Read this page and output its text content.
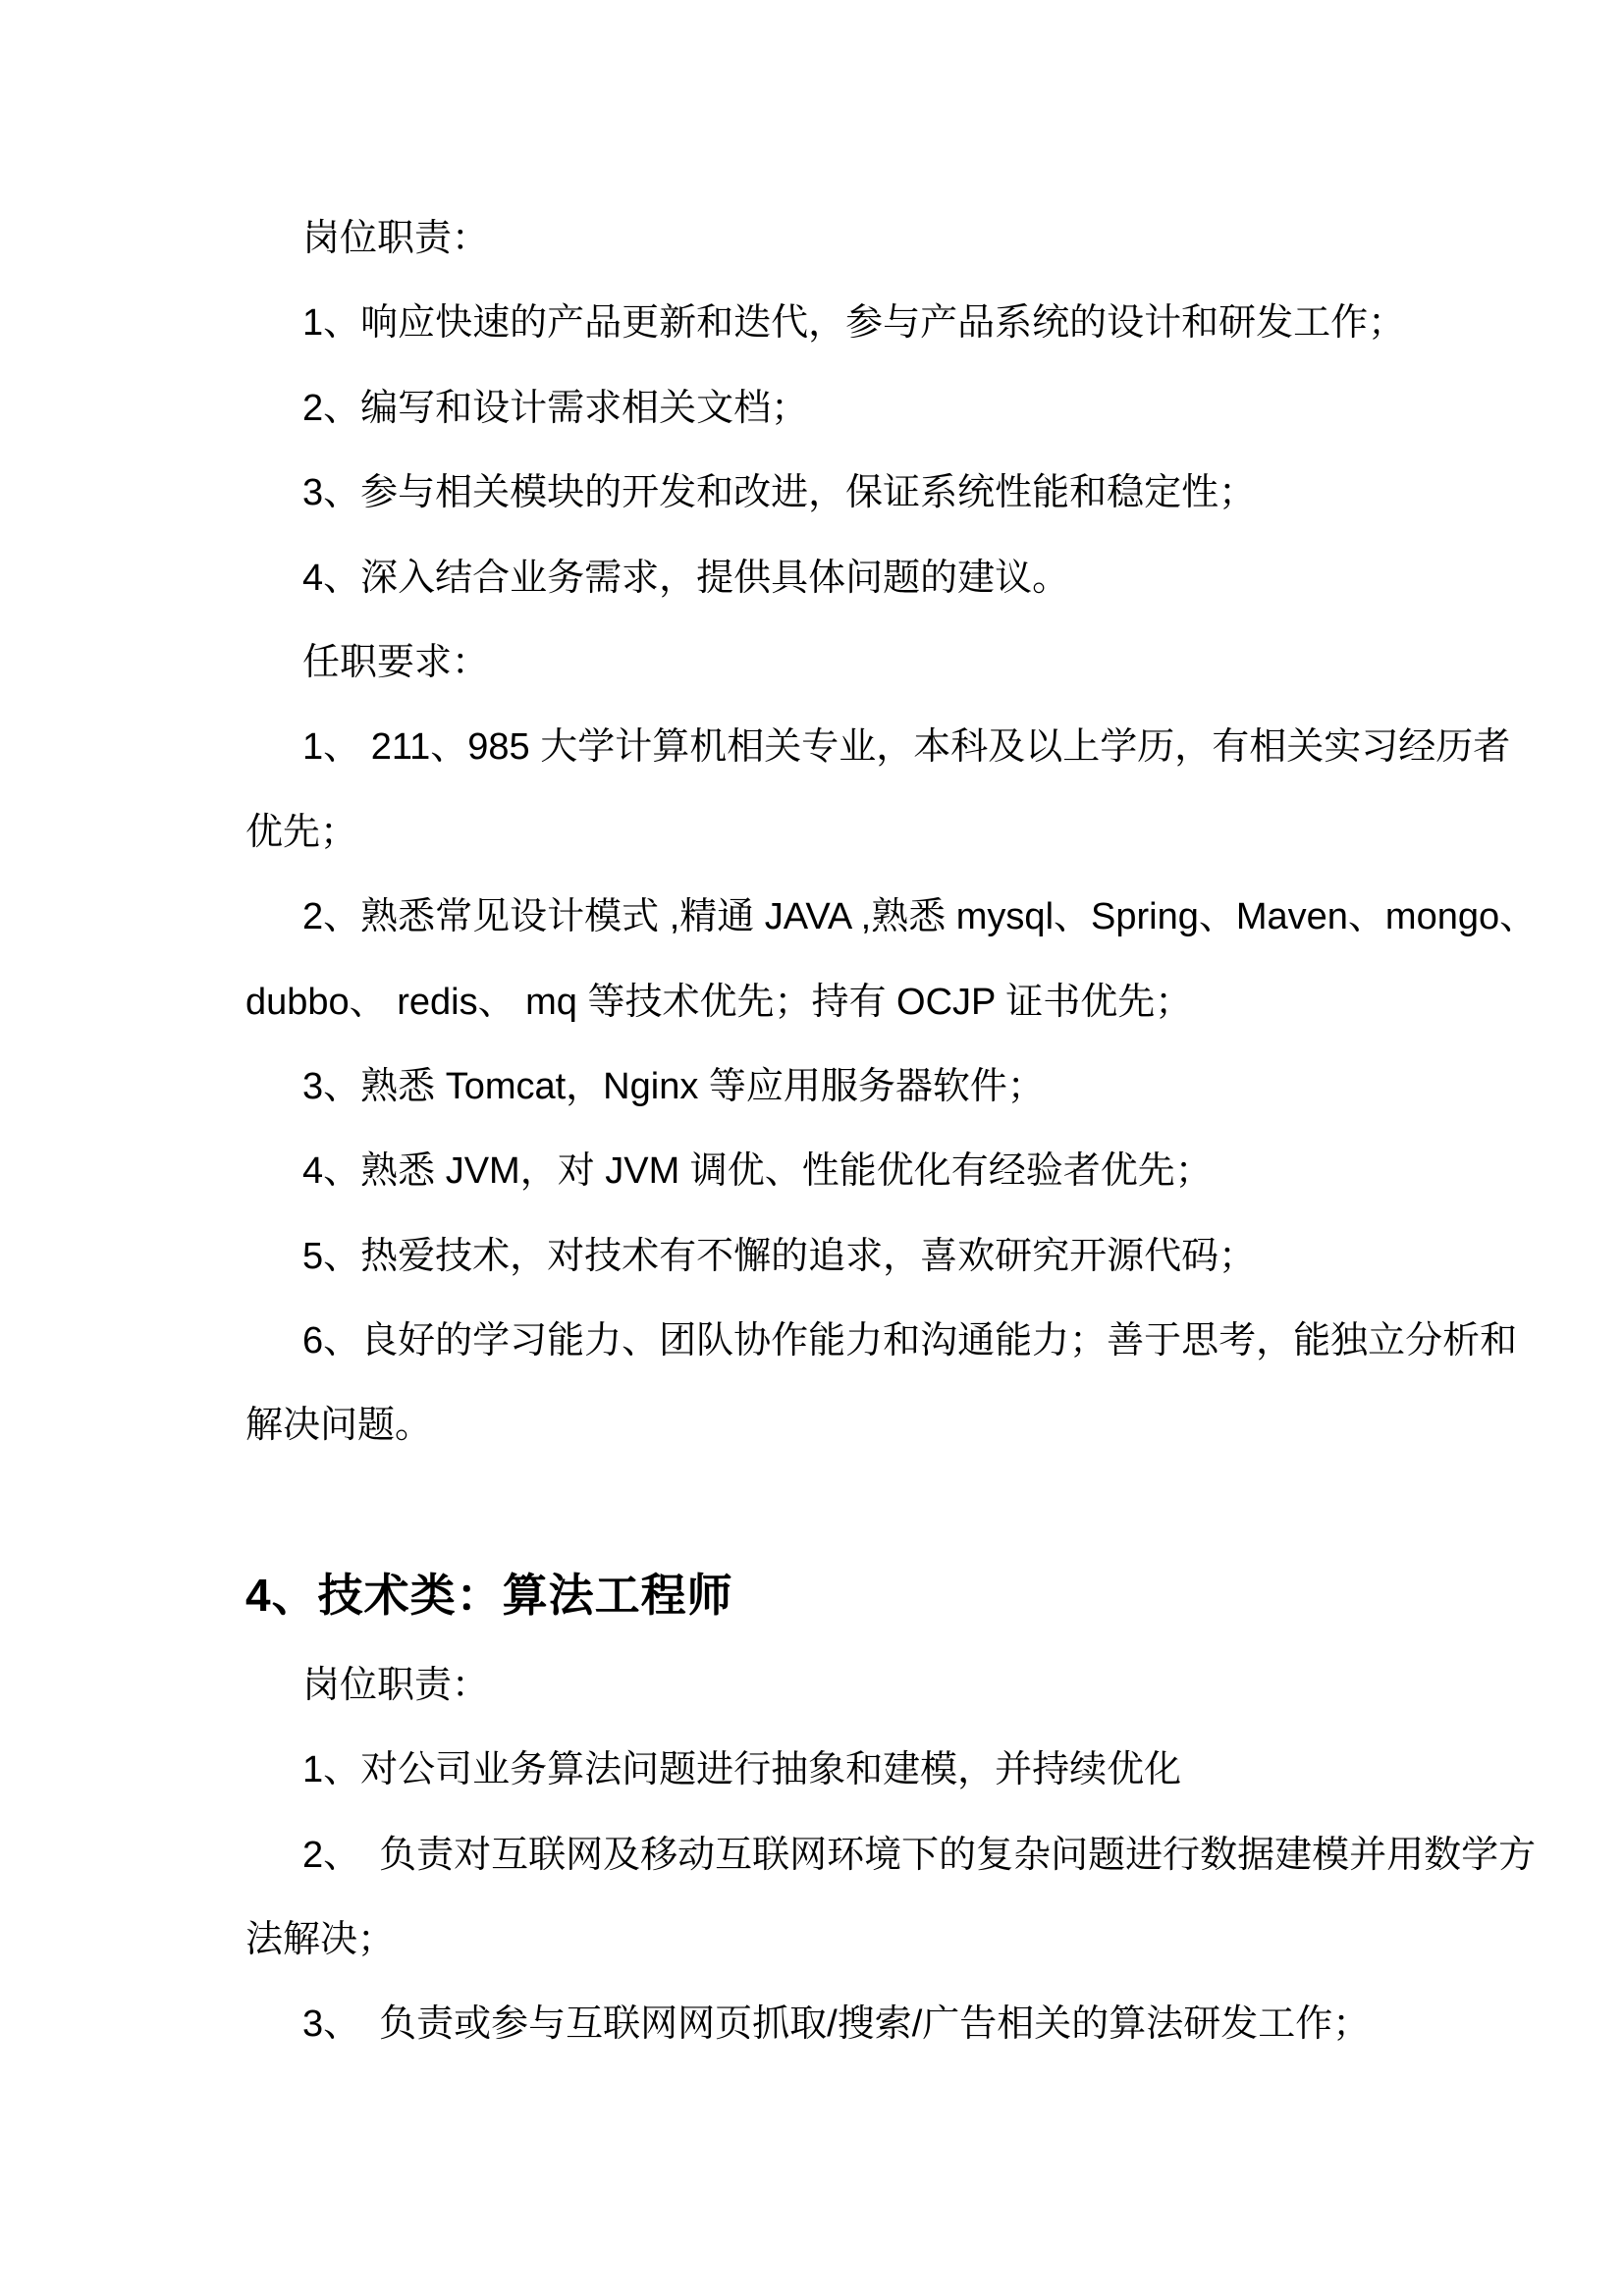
岗位职责：
1、响应快速的产品更新和迭代，参与产品系统的设计和研发工作；
2、编写和设计需求相关文档；
3、参与相关模块的开发和改进，保证系统性能和稳定性；
4、深入结合业务需求，提供具体问题的建议。
任职要求：
1、 211、985 大学计算机相关专业，本科及以上学历，有相关实习经历者
优先；
2、熟悉常见设计模式 ,精通 JAVA ,熟悉 mysql、Spring、Maven、mongo、
dubbo、 redis、 mq 等技术优先；持有 OCJP 证书优先；
3、熟悉 Tomcat，Nginx 等应用服务器软件；
4、熟悉 JVM，对 JVM 调优、性能优化有经验者优先；
5、热爱技术，对技术有不懈的追求，喜欢研究开源代码；
6、良好的学习能力、团队协作能力和沟通能力；善于思考，能独立分析和
解决问题。
4、技术类：算法工程师
岗位职责：
1、对公司业务算法问题进行抽象和建模，并持续优化
2、　负责对互联网及移动互联网环境下的复杂问题进行数据建模并用数学方
法解决；
3、　负责或参与互联网网页抓取/搜索/广告相关的算法研发工作；
